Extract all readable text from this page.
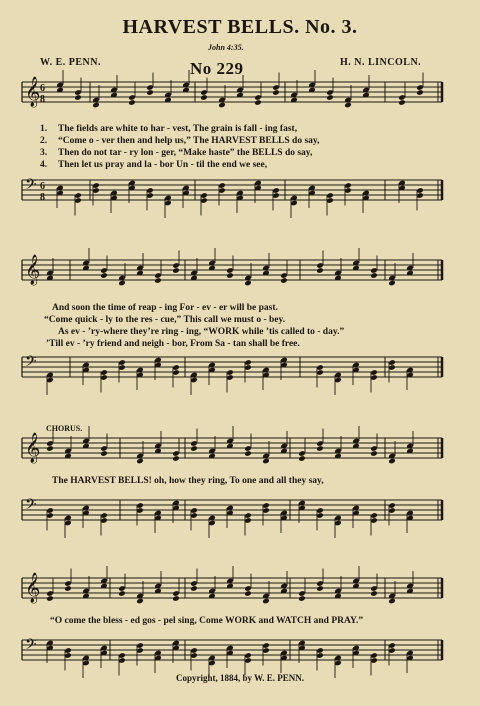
HARVEST BELLS. No. 3.
John 4:35.
W. E. PENN.	No 229	H. N. LINCOLN.
𝄞 6
8
𝄢 6
8
𝄞
𝄢
𝄞
𝄢
𝄞
𝄢
1. The fields are white to har - vest, The grain is fall - ing fast,
2. “Come o - ver then and help us,” The HARVEST BELLS do say,
3. Then do not tar - ry lon - ger, “Make haste” the BELLS do say,
4. Then let us pray and la - bor Un - til the end we see,
And soon the time of reap - ing For - ev - er will be past.
“Come quick - ly to the res - cue,” This call we must o - bey.
As ev - ’ry-where they’re ring - ing, “WORK while ’tis called to - day.”
’Till ev - ’ry friend and neigh - bor, From Sa - tan shall be free.
CHORUS.
The HARVEST BELLS! oh, how they ring, To one and all they say,
“O come the bless - ed gos - pel sing, Come WORK and WATCH and PRAY.”
Copyright, 1884, by W. E. PENN.
